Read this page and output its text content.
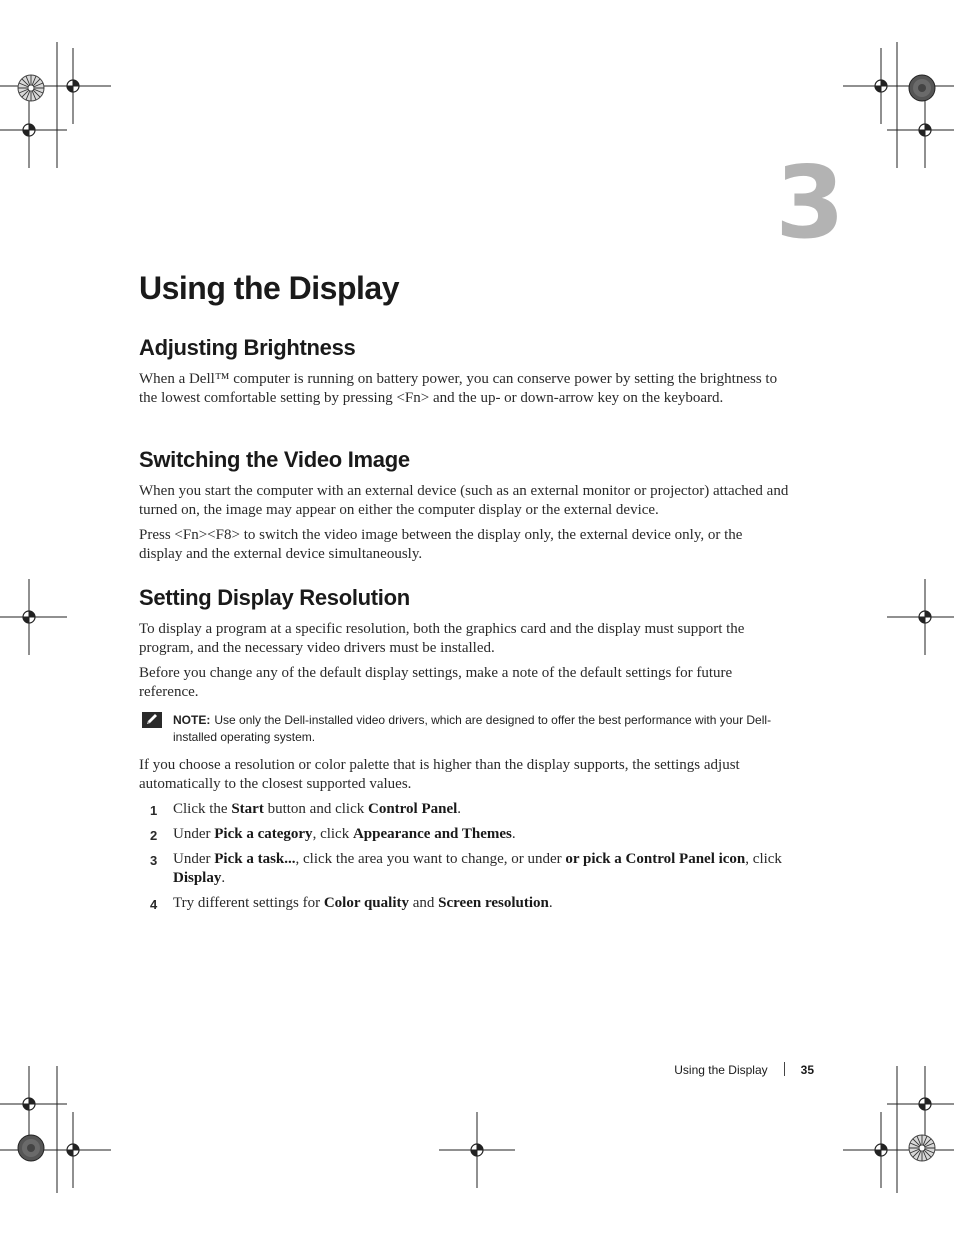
3
Using the Display
Adjusting Brightness

When a Dell™ computer is running on battery power, you can conserve power by setting the brightness to the lowest comfortable setting by pressing <Fn> and the up- or down-arrow key on the keyboard.

Switching the Video Image

When you start the computer with an external device (such as an external monitor or projector) attached and turned on, the image may appear on either the computer display or the external device.

Press <Fn><F8> to switch the video image between the display only, the external device only, or the display and the external device simultaneously.

Setting Display Resolution

To display a program at a specific resolution, both the graphics card and the display must support the program, and the necessary video drivers must be installed.

Before you change any of the default display settings, make a note of the default settings for future reference.

NOTE: Use only the Dell-installed video drivers, which are designed to offer the best performance with your Dell-installed operating system.

If you choose a resolution or color palette that is higher than the display supports, the settings adjust automatically to the closest supported values.

1 Click the Start button and click Control Panel.
2 Under Pick a category, click Appearance and Themes.
3 Under Pick a task..., click the area you want to change, or under or pick a Control Panel icon, click Display.
4 Try different settings for Color quality and Screen resolution.
Using the Display	35
